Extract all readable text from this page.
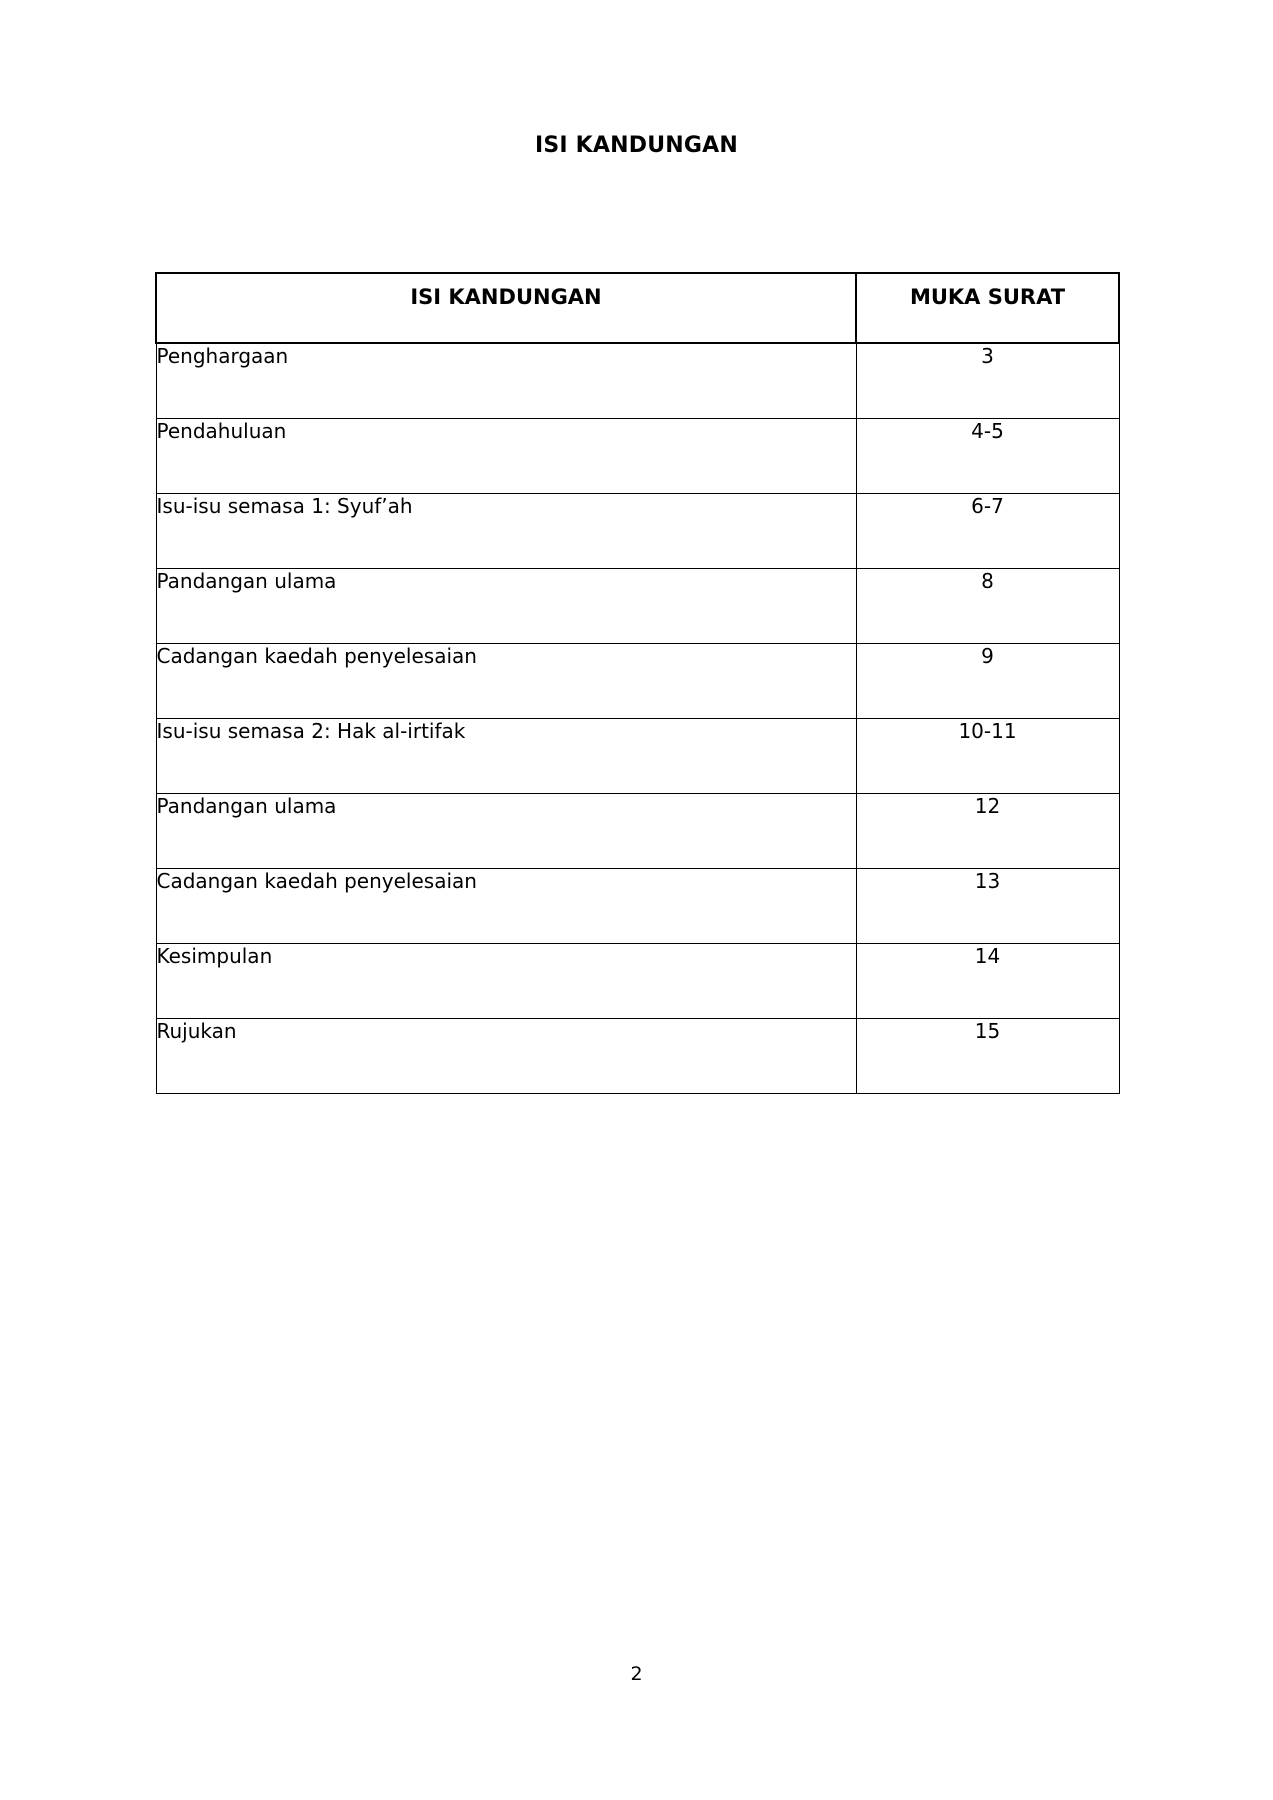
ISI KANDUNGAN
ISI KANDUNGAN	MUKA SURAT
Penghargaan	3
Pendahuluan	4-5
Isu-isu semasa 1: Syuf’ah	6-7
Pandangan ulama	8
Cadangan kaedah penyelesaian	9
Isu-isu semasa 2: Hak al-irtifak	10-11
Pandangan ulama	12
Cadangan kaedah penyelesaian	13
Kesimpulan	14
Rujukan	15
2
